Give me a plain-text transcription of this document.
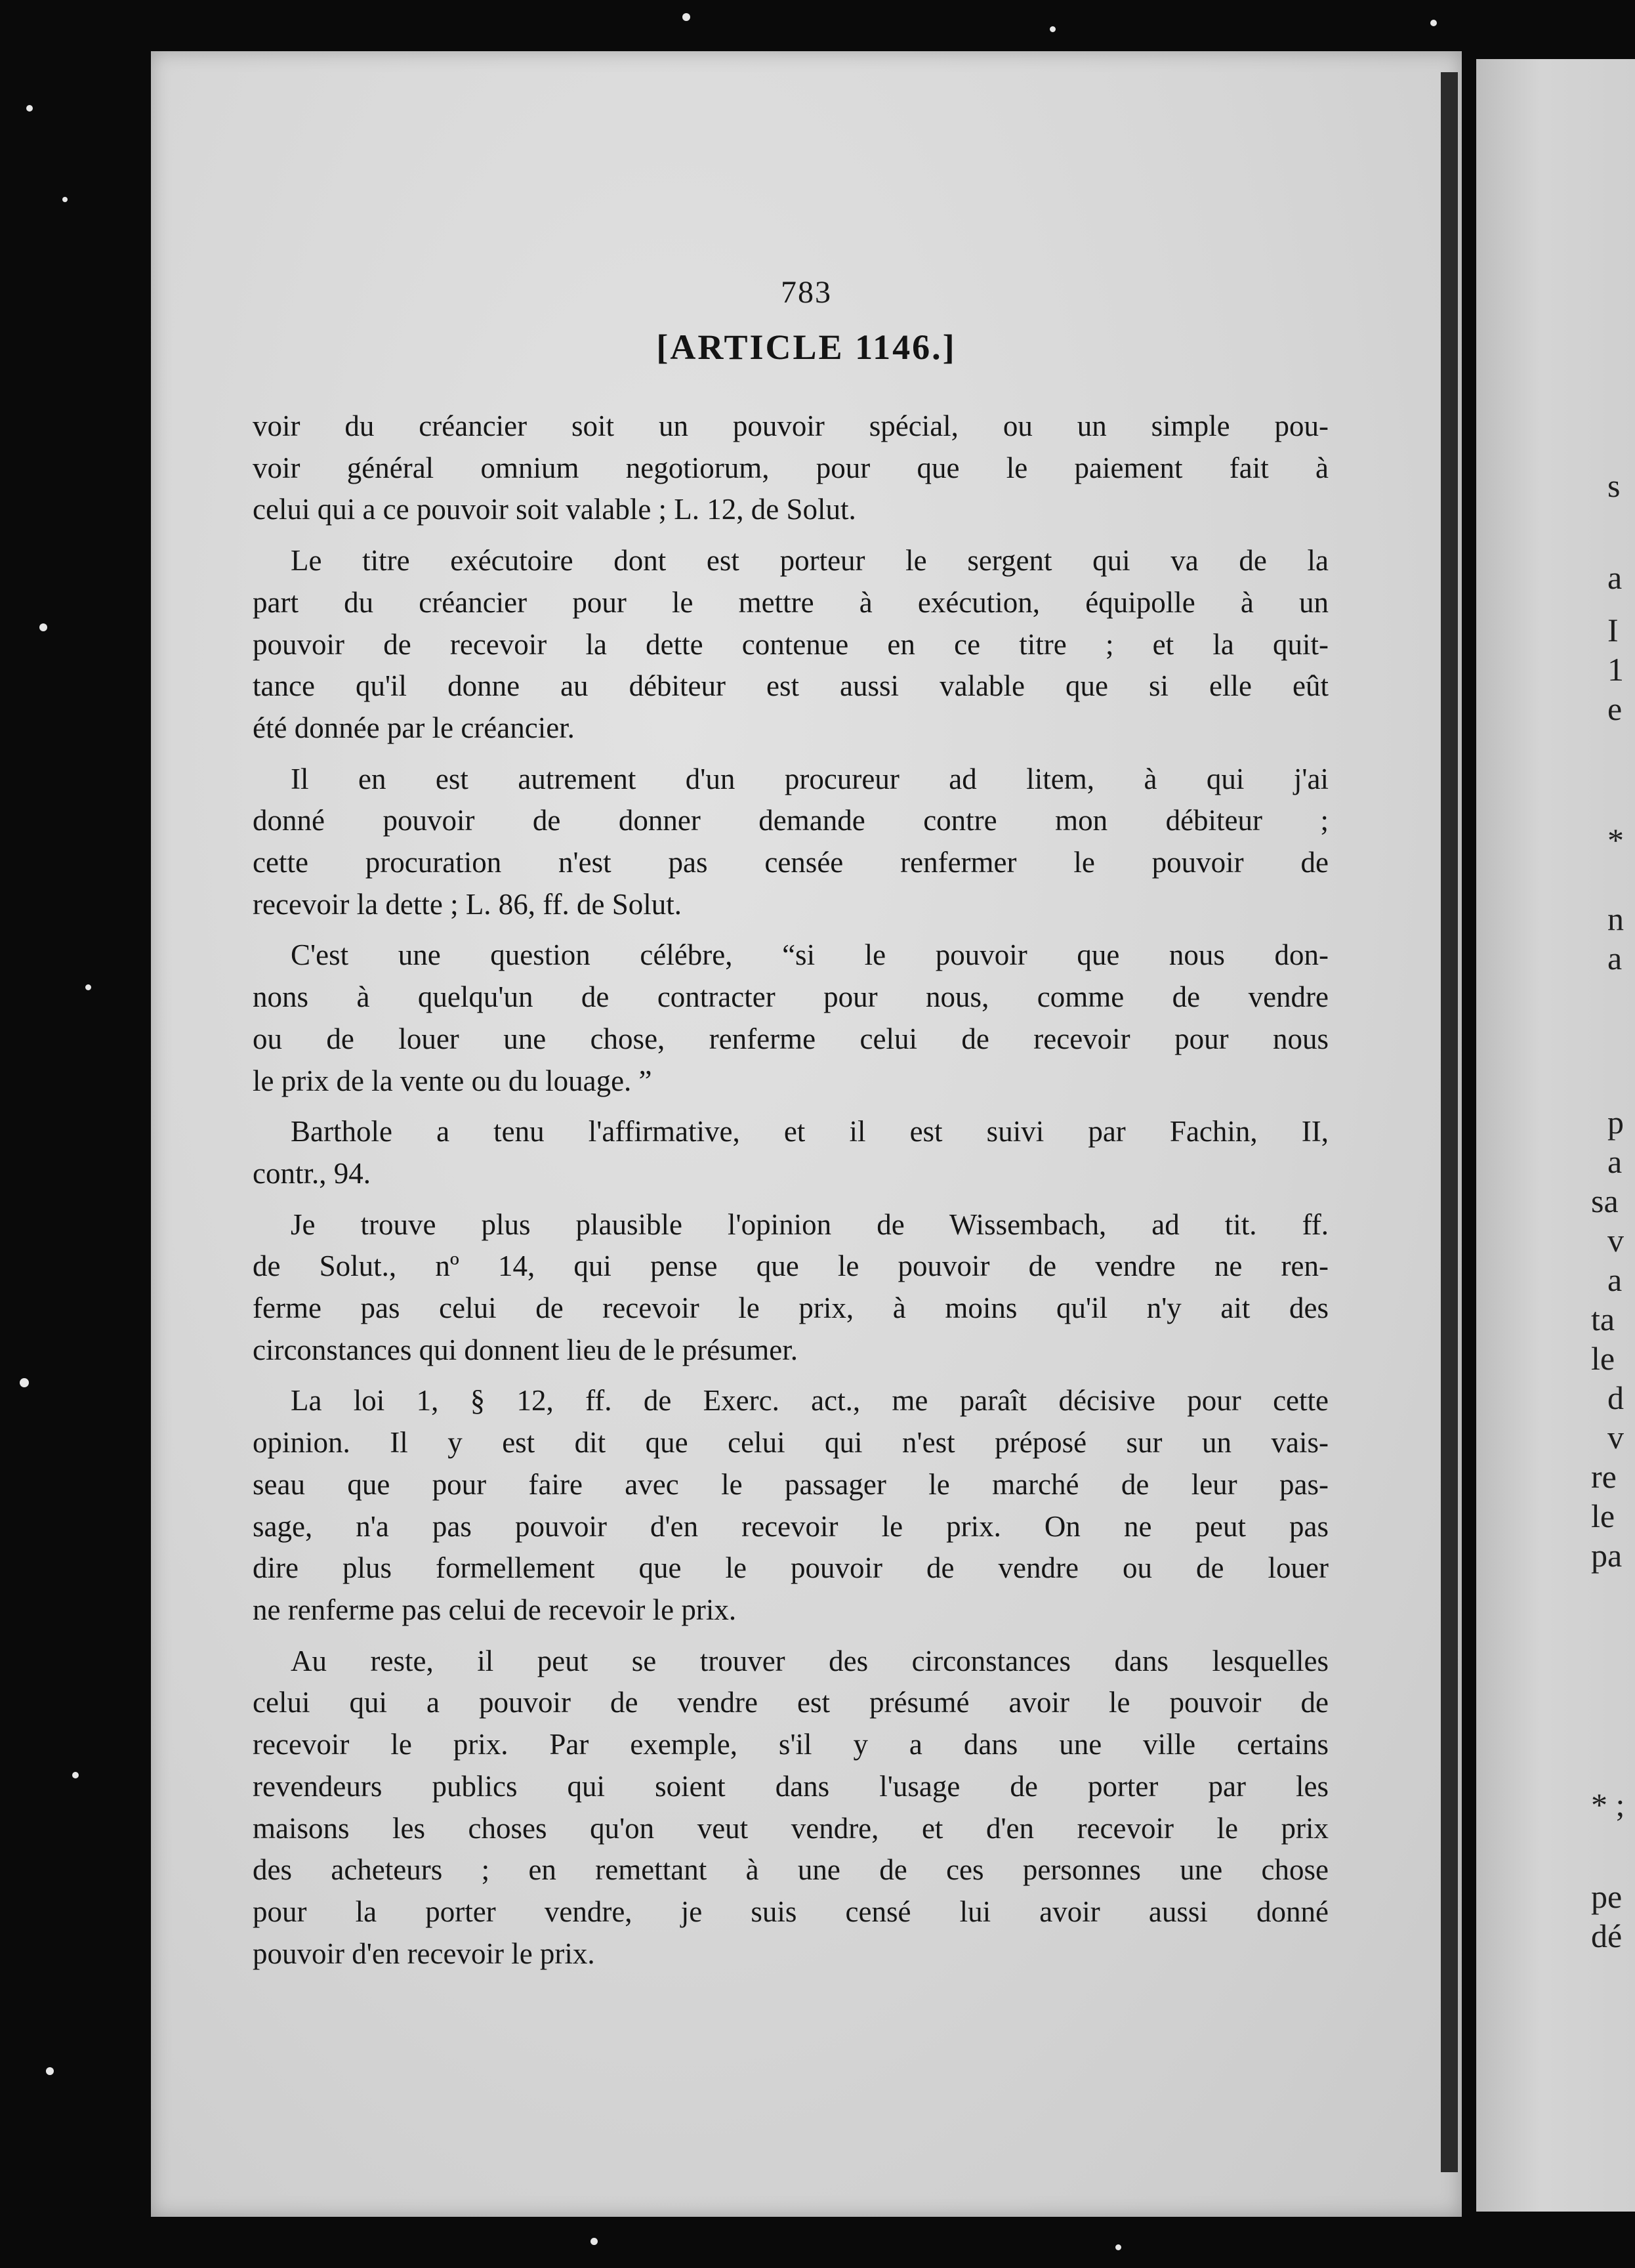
783
[ARTICLE 1146.]
voir du créancier soit un pouvoir spécial, ou un simple pou-
voir général omnium negotiorum, pour que le paiement fait à
celui qui a ce pouvoir soit valable ; L. 12, de Solut.
Le titre exécutoire dont est porteur le sergent qui va de la
part du créancier pour le mettre à exécution, équipolle à un
pouvoir de recevoir la dette contenue en ce titre ; et la quit-
tance qu'il donne au débiteur est aussi valable que si elle eût
été donnée par le créancier.
Il en est autrement d'un procureur ad litem, à qui j'ai
donné pouvoir de donner demande contre mon débiteur ;
cette procuration n'est pas censée renfermer le pouvoir de
recevoir la dette ; L. 86, ff. de Solut.
C'est une question célébre, “si le pouvoir que nous don-
nons à quelqu'un de contracter pour nous, comme de vendre
ou de louer une chose, renferme celui de recevoir pour nous
le prix de la vente ou du louage. ”
Barthole a tenu l'affirmative, et il est suivi par Fachin, II,
contr., 94.
Je trouve plus plausible l'opinion de Wissembach, ad tit. ff.
de Solut., nº 14, qui pense que le pouvoir de vendre ne ren-
ferme pas celui de recevoir le prix, à moins qu'il n'y ait des
circonstances qui donnent lieu de le présumer.
La loi 1, § 12, ff. de Exerc. act., me paraît décisive pour cette
opinion. Il y est dit que celui qui n'est préposé sur un vais-
seau que pour faire avec le passager le marché de leur pas-
sage, n'a pas pouvoir d'en recevoir le prix. On ne peut pas
dire plus formellement que le pouvoir de vendre ou de louer
ne renferme pas celui de recevoir le prix.
Au reste, il peut se trouver des circonstances dans lesquelles
celui qui a pouvoir de vendre est présumé avoir le pouvoir de
recevoir le prix. Par exemple, s'il y a dans une ville certains
revendeurs publics qui soient dans l'usage de porter par les
maisons les choses qu'on veut vendre, et d'en recevoir le prix
des acheteurs ; en remettant à une de ces personnes une chose
pour la porter vendre, je suis censé lui avoir aussi donné
pouvoir d'en recevoir le prix.
s
a
I
1
e
*
n
a
p
a
sa
v
a
ta
le
d
v
re
le
pa
* ;
pe
dé
